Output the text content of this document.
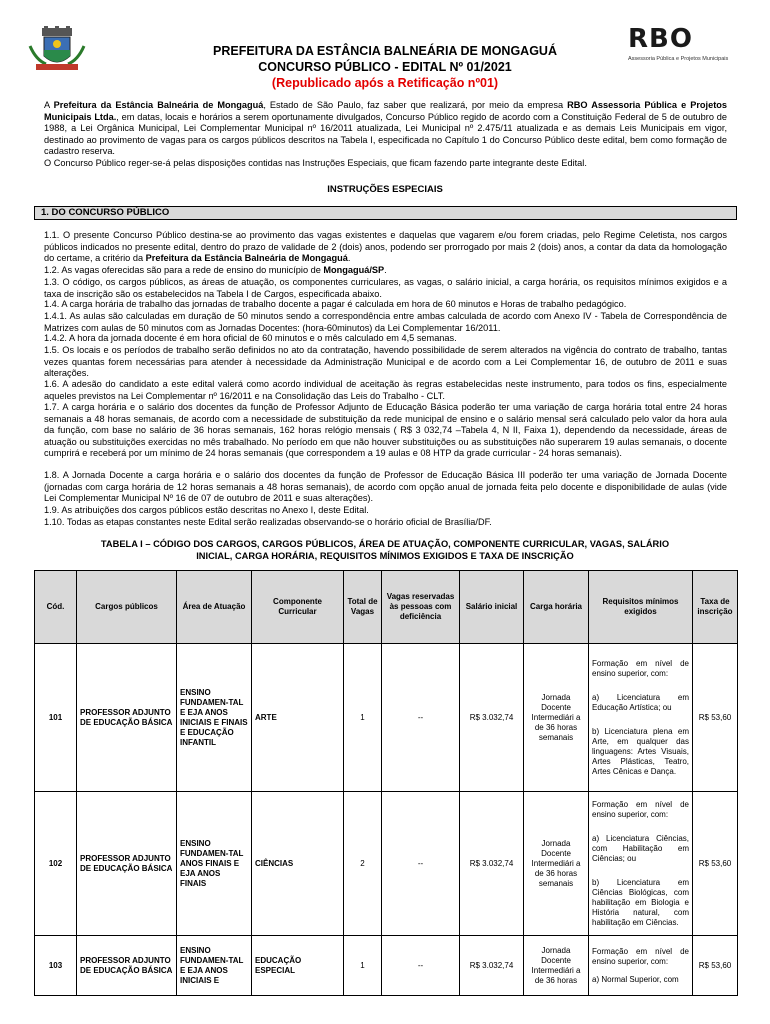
RBO
Assessoria Pública e Projetos Municipais
PREFEITURA DA ESTÂNCIA BALNEÁRIA DE MONGAGUÁ
CONCURSO PÚBLICO - EDITAL Nº 01/2021
(Republicado após a Retificação nº01)

A Prefeitura da Estância Balneária de Mongaguá, Estado de São Paulo, faz saber que realizará, por meio da empresa RBO Assessoria Pública e Projetos Municipais Ltda., em datas, locais e horários a serem oportunamente divulgados, Concurso Público regido de acordo com a Constituição Federal de 5 de outubro de 1988, a Lei Orgânica Municipal, Lei Complementar Municipal nº 16/2011 atualizada, Lei Municipal nº 2.475/11 atualizada e as demais Leis Municipais em vigor, destinado ao provimento de vagas para os cargos públicos descritos na Tabela I, especificada no Capítulo 1 do Concurso Público deste edital, bem como formação de cadastro reserva.

O Concurso Público reger-se-á pelas disposições contidas nas Instruções Especiais, que ficam fazendo parte integrante deste Edital.

INSTRUÇÕES ESPECIAIS
1. DO CONCURSO PÚBLICO

1.1. O presente Concurso Público destina-se ao provimento das vagas existentes e daquelas que vagarem e/ou forem criadas, pelo Regime Celetista, nos cargos públicos indicados no presente edital, dentro do prazo de validade de 2 (dois) anos, podendo ser prorrogado por mais 2 (dois) anos, a contar da data da homologação do certame, a critério da Prefeitura da Estância Balneária de Mongaguá.

1.2. As vagas oferecidas são para a rede de ensino do município de Mongaguá/SP.

1.3. O código, os cargos públicos, as áreas de atuação, os componentes curriculares, as vagas, o salário inicial, a carga horária, os requisitos mínimos exigidos e a taxa de inscrição são os estabelecidos na Tabela I de Cargos, especificada abaixo.

1.4. A carga horária de trabalho das jornadas de trabalho docente a pagar é calculada em hora de 60 minutos e Horas de trabalho pedagógico.

1.4.1. As aulas são calculadas em duração de 50 minutos sendo a correspondência entre ambas calculada de acordo com Anexo IV - Tabela de Correspondência de Matrizes com aulas de 50 minutos com as Jornadas Docentes: (hora-60minutos) da Lei Complementar 16/2011.

1.4.2. A hora da jornada docente é em hora oficial de 60 minutos e o mês calculado em 4,5 semanas.

1.5. Os locais e os períodos de trabalho serão definidos no ato da contratação, havendo possibilidade de serem alterados na vigência do contrato de trabalho, tantas vezes quantas forem necessárias para atender à necessidade da Administração Municipal e de acordo com a Lei Complementar 16, de outubro de 2011 e suas alterações.

1.6. A adesão do candidato a este edital valerá como acordo individual de aceitação às regras estabelecidas neste instrumento, para todos os fins, especialmente aqueles previstos na Lei Complementar nº 16/2011 e na Consolidação das Leis do Trabalho - CLT.

1.7. A carga horária e o salário dos docentes da função de Professor Adjunto de Educação Básica poderão ter uma variação de carga horária total entre 24 horas semanais a 48 horas semanais, de acordo com a necessidade de substituição da rede municipal de ensino e o salário mensal será calculado pelo valor da hora aula da função, com base no salário de 36 horas semanais, 162 horas relógio mensais ( R$ 3 032,74 –Tabela 4, N II, Faixa 1), dependendo da necessidade, áreas de atuação ou substituições exercidas no mês trabalhado. No período em que não houver substituições ou as substituições não superarem 19 aulas semanais, o docente cumprirá e receberá por um mínimo de 24 horas semanais (que correspondem a 19 aulas e 08 HTP da grade curricular - 24 horas semanais).

1.8. A Jornada Docente a carga horária e o salário dos docentes da função de Professor de Educação Básica III poderão ter uma variação de Jornada Docente (jornadas com carga horária de 12 horas semanais a 48 horas semanais), de acordo com opção anual de jornada feita pelo docente e disponibilidade de aulas (vide Lei Complementar Municipal Nº 16 de 07 de outubro de 2011 e suas alterações).

1.9. As atribuições dos cargos públicos estão descritas no Anexo I, deste Edital.

1.10. Todas as etapas constantes neste Edital serão realizadas observando-se o horário oficial de Brasília/DF.

TABELA I – CÓDIGO DOS CARGOS, CARGOS PÚBLICOS, ÁREA DE ATUAÇÃO, COMPONENTE CURRICULAR, VAGAS, SALÁRIO
INICIAL, CARGA HORÁRIA, REQUISITOS MÍNIMOS EXIGIDOS E TAXA DE INSCRIÇÃO
Cód.	Cargos públicos	Área de Atuação	Componente Curricular	Total de Vagas	Vagas reservadas às pessoas com deficiência	Salário inicial	Carga horária	Requisitos mínimos exigidos	Taxa de inscrição
101	PROFESSOR ADJUNTO DE EDUCAÇÃO BÁSICA	ENSINO FUNDAMEN-TAL E EJA ANOS INICIAIS E FINAIS E EDUCAÇÃO INFANTIL	ARTE	1	--	R$ 3.032,74	Jornada Docente Intermediári a de 36 horas semanais	Formação em nível de ensino superior, com:
a) Licenciatura em Educação Artística; ou
b) Licenciatura plena em Arte, em qualquer das linguagens: Artes Visuais, Artes Plásticas, Teatro, Artes Cênicas e Dança.	R$ 53,60
102	PROFESSOR ADJUNTO DE EDUCAÇÃO BÁSICA	ENSINO FUNDAMEN-TAL ANOS FINAIS E EJA ANOS FINAIS	CIÊNCIAS	2	--	R$ 3.032,74	Jornada Docente Intermediári a de 36 horas semanais	Formação em nível de ensino superior, com:
a) Licenciatura Ciências, com Habilitação em Ciências; ou
b) Licenciatura em Ciências Biológicas, com habilitação em Biologia e História natural, com habilitação em Ciências.	R$ 53,60
103	PROFESSOR ADJUNTO DE EDUCAÇÃO BÁSICA	ENSINO FUNDAMEN-TAL E EJA ANOS INICIAIS E	EDUCAÇÃO ESPECIAL	1	--	R$ 3.032,74	Jornada Docente Intermediári a de 36 horas	Formação em nível de ensino superior, com:
a) Normal Superior, com	R$ 53,60
